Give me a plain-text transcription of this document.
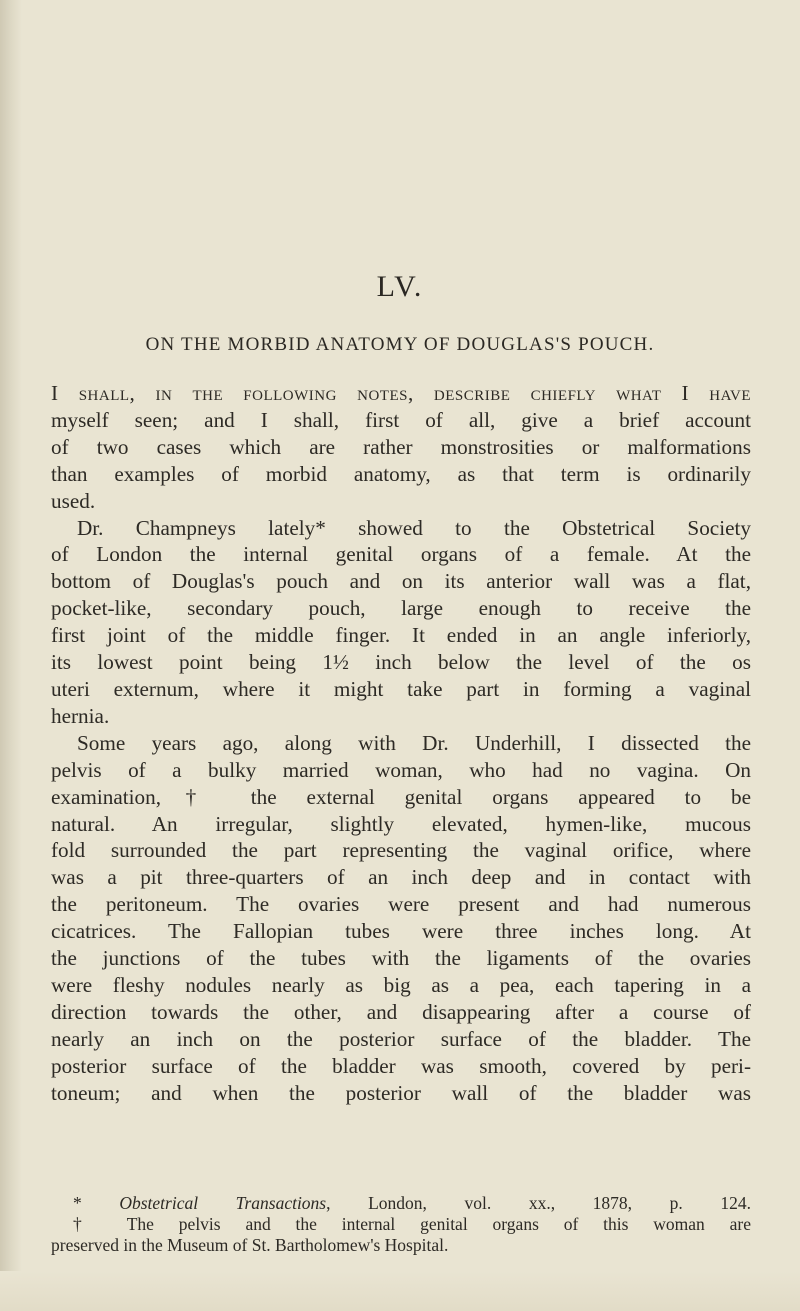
LV.
ON THE MORBID ANATOMY OF DOUGLAS'S POUCH.

I shall, in the following notes, describe chiefly what I have

myself seen; and I shall, first of all, give a brief account

of two cases which are rather monstrosities or malformations

than examples of morbid anatomy, as that term is ordinarily

used.

Dr. Champneys lately* showed to the Obstetrical Society

of London the internal genital organs of a female. At the

bottom of Douglas's pouch and on its anterior wall was a flat,

pocket-like, secondary pouch, large enough to receive the

first joint of the middle finger. It ended in an angle inferiorly,

its lowest point being 1½ inch below the level of the os

uteri externum, where it might take part in forming a vaginal

hernia.

Some years ago, along with Dr. Underhill, I dissected the

pelvis of a bulky married woman, who had no vagina. On

examination,† the external genital organs appeared to be

natural. An irregular, slightly elevated, hymen-like, mucous

fold surrounded the part representing the vaginal orifice, where

was a pit three-quarters of an inch deep and in contact with

the peritoneum. The ovaries were present and had numerous

cicatrices. The Fallopian tubes were three inches long. At

the junctions of the tubes with the ligaments of the ovaries

were fleshy nodules nearly as big as a pea, each tapering in a

direction towards the other, and disappearing after a course of

nearly an inch on the posterior surface of the bladder. The

posterior surface of the bladder was smooth, covered by peri-

toneum; and when the posterior wall of the bladder was

* Obstetrical Transactions, London, vol. xx., 1878, p. 124.

† The pelvis and the internal genital organs of this woman are

preserved in the Museum of St. Bartholomew's Hospital.
